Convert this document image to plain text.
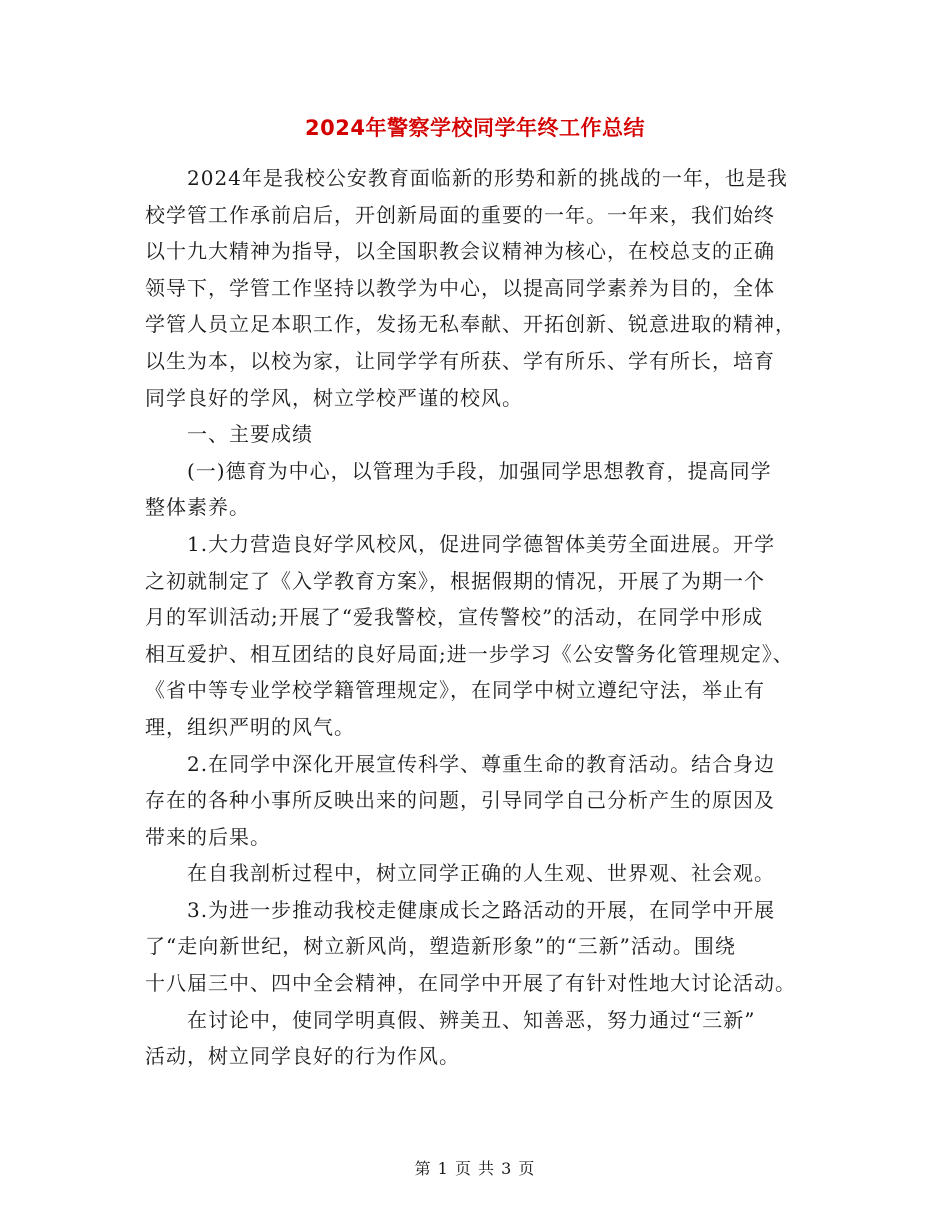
2024年警察学校同学年终工作总结
2024年是我校公安教育面临新的形势和新的挑战的一年，也是我
校学管工作承前启后，开创新局面的重要的一年。一年来，我们始终
以十九大精神为指导，以全国职教会议精神为核心，在校总支的正确
领导下，学管工作坚持以教学为中心，以提高同学素养为目的，全体
学管人员立足本职工作，发扬无私奉献、开拓创新、锐意进取的精神，
以生为本，以校为家，让同学学有所获、学有所乐、学有所长，培育
同学良好的学风，树立学校严谨的校风。
一、主要成绩
(一)德育为中心，以管理为手段，加强同学思想教育，提高同学
整体素养。
1.大力营造良好学风校风，促进同学德智体美劳全面进展。开学
之初就制定了《入学教育方案》，根据假期的情况，开展了为期一个
月的军训活动;开展了“爱我警校，宣传警校”的活动，在同学中形成
相互爱护、相互团结的良好局面;进一步学习《公安警务化管理规定》、
《省中等专业学校学籍管理规定》，在同学中树立遵纪守法，举止有
理，组织严明的风气。
2.在同学中深化开展宣传科学、尊重生命的教育活动。结合身边
存在的各种小事所反映出来的问题，引导同学自己分析产生的原因及
带来的后果。
在自我剖析过程中，树立同学正确的人生观、世界观、社会观。
3.为进一步推动我校走健康成长之路活动的开展，在同学中开展
了“走向新世纪，树立新风尚，塑造新形象”的“三新”活动。围绕
十八届三中、四中全会精神，在同学中开展了有针对性地大讨论活动。
在讨论中，使同学明真假、辨美丑、知善恶，努力通过“三新”
活动，树立同学良好的行为作风。
第 1 页 共 3 页
